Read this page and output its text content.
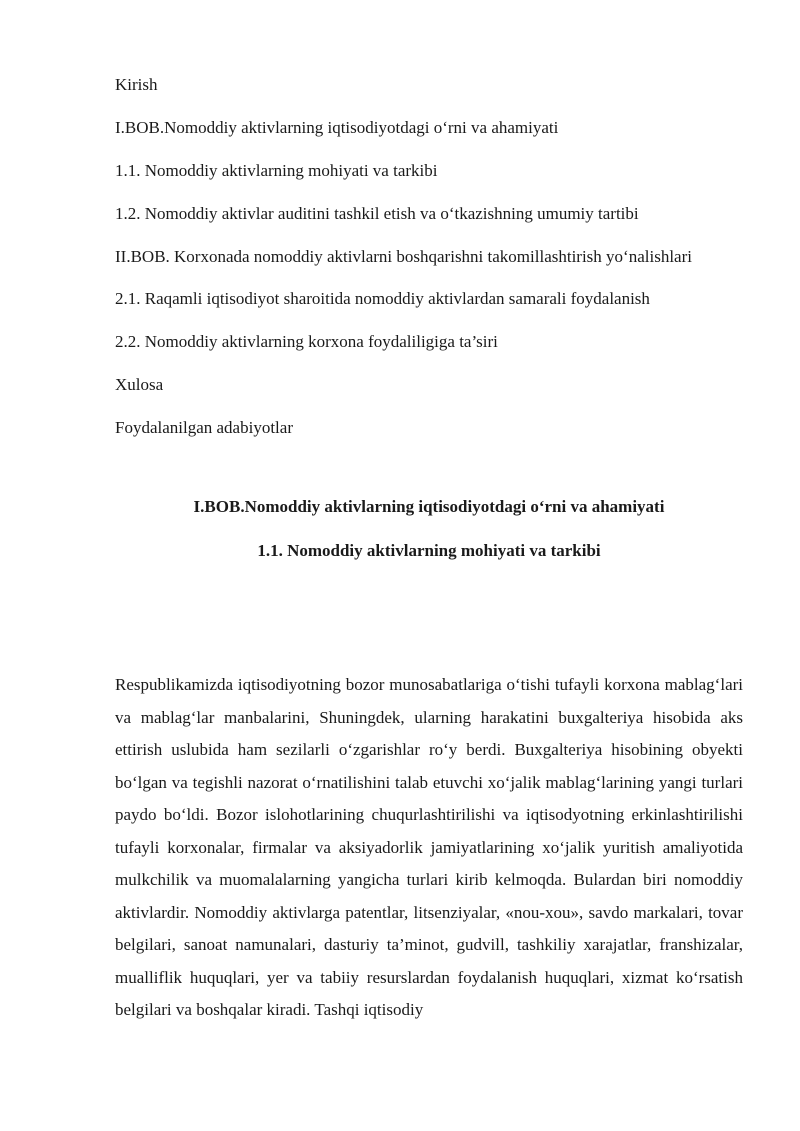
Kirish
I.BOB.Nomoddiy aktivlarning iqtisodiyotdagi o‘rni va ahamiyati
1.1. Nomoddiy aktivlarning mohiyati va tarkibi
1.2. Nomoddiy aktivlar auditini tashkil etish va o‘tkazishning umumiy tartibi
II.BOB. Korxonada nomoddiy aktivlarni boshqarishni takomillashtirish yo‘nalishlari
2.1. Raqamli iqtisodiyot sharoitida nomoddiy aktivlardan samarali foydalanish
2.2. Nomoddiy aktivlarning korxona foydaliligiga ta’siri
Xulosa
Foydalanilgan adabiyotlar
I.BOB.Nomoddiy aktivlarning iqtisodiyotdagi o‘rni va ahamiyati
1.1. Nomoddiy aktivlarning mohiyati va tarkibi

Respublikamizda iqtisodiyotning bozor munosabatlariga o‘tishi tufayli korxona mablag‘lari va mablag‘lar manbalarini, Shuningdek, ularning harakatini buxgalteriya hisobida aks ettirish uslubida ham sezilarli o‘zgarishlar ro‘y berdi. Buxgalteriya hisobining obyekti bo‘lgan va tegishli nazorat o‘rnatilishini talab etuvchi xo‘jalik mablag‘larining yangi turlari paydo bo‘ldi. Bozor islohotlarining chuqurlashtirilishi va iqtisodyotning erkinlashtirilishi tufayli korxonalar, firmalar va aksiyadorlik jamiyatlarining xo‘jalik yuritish amaliyotida mulkchilik va muomalalarning yangicha turlari kirib kelmoqda. Bulardan biri nomoddiy aktivlardir. Nomoddiy aktivlarga patentlar, litsenziyalar, «nou-xou», savdo markalari, tovar belgilari, sanoat namunalari, dasturiy ta’minot, gudvill, tashkiliy xarajatlar, franshizalar, mualliflik huquqlari, yer va tabiiy resurslardan foydalanish huquqlari, xizmat ko‘rsatish belgilari va boshqalar kiradi. Tashqi iqtisodiy
